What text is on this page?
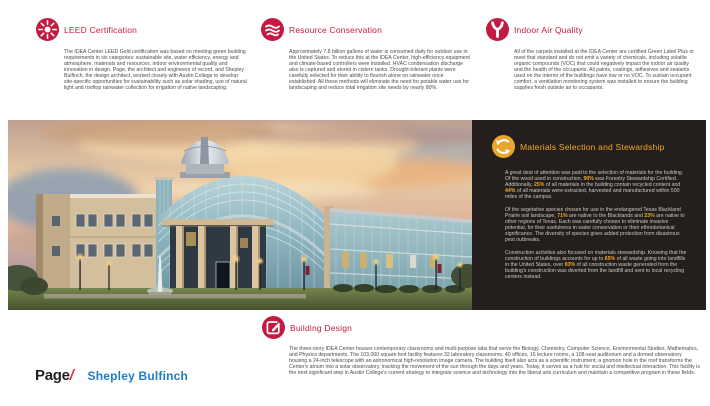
LEED Certification

The IDEA Center LEED Gold certification was based on meeting green building requirements in six categories: sustainable site, water efficiency, energy and atmosphere, materials and resources, indoor environmental quality and innovation in design. Page, the architect and engineers of record, and Shepley Bulfinch, the design architect, worked closely with Austin College to develop site-specific opportunities for sustainability such as solar shading, use of natural light and rooftop rainwater collection for irrigation of native landscaping.

Resource Conservation

Approximately 7.8 billion gallons of water is consumed daily for outdoor use in the United States. To reduce this at the IDEA Center, high-efficiency equipment and climate-based controllers were installed. HVAC condensation discharge also is captured and stored in cistern tanks. Drought-tolerant plants were carefully selected for their ability to flourish alone on rainwater once established. All these methods will eliminate the need for potable water use for landscaping and reduce total irrigation site needs by nearly 80%.

Indoor Air Quality

All of the carpets installed at the IDEA Center are certified Green Label Plus or meet that standard and do not emit a variety of chemicals, including volatile organic compounds (VOC) that could negatively impact the indoor air quality and the health of the occupants. All paints, coatings, adhesives and sealants used on the interior of the buildings have low or no VOC. To sustain occupant comfort, a ventilation monitoring system was installed to ensure the building supplies fresh outside air to occupants.

Materials Selection and Stewardship

A great deal of attention was paid to the selection of materials for the building. Of the wood used in construction, 90% was Forestry Stewardship Certified. Additionally, 25% of all materials in the building contain recycled content and 44% of all materials were extracted, harvested and manufactured within 500 miles of the campus.

Of the vegetative species chosen for use in the endangered Texas Blackland Prairie soil landscape, 71% are native to the Blacklands and 23% are native to other regions of Texas. Each was carefully chosen to eliminate invasive potential, for their usefulness in water conservation or their ethnobotanical significance. The diversity of species gives added protection from disastrous pest outbreaks.

Construction activities also focused on materials stewardship. Knowing that the construction of buildings accounts for up to 65% of all waste going into landfills in the United States, over 83% of all construction waste generated from the building's construction was diverted from the landfill and sent to local recycling centers instead.

Building Design

The three-story IDEA Center houses contemporary classrooms and multi-purpose labs that serve the Biology, Chemistry, Computer Science, Environmental Studies, Mathematics, and Physics departments. The 103,000 square foot facility features 32 laboratory classrooms, 40 offices, 16 lecture rooms, a 108-seat auditorium and a domed observatory housing a 24-inch telescope with an astronomical high-resolution image camera. The building itself also acts as a scientific instrument; a gnomon hole in the roof transforms the Center's atrium into a solar observatory, tracking the movement of the sun through the days and years. Today, it serves as a hub for social and intellectual interaction. This facility is the next significant step in Austin College's current strategy to integrate science and technology into the liberal arts curriculum and maintain a competitive program in these fields.

Page/ Shepley Bulfinch
